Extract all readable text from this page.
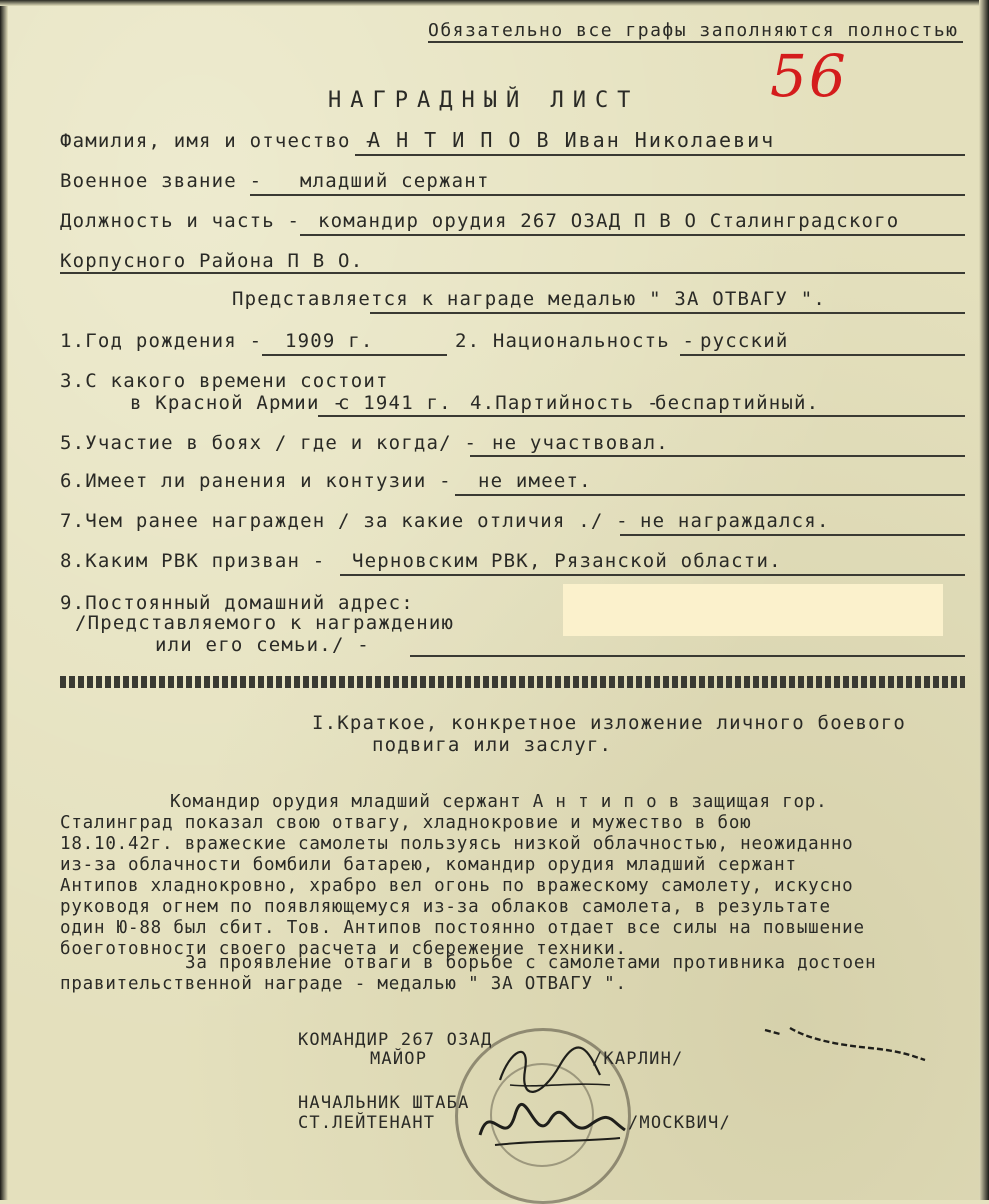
Обязательно все графы заполняются полностью
56
НАГРАДНЫЙ ЛИСТ
Фамилия, имя и отчество -
А Н Т И П О В Иван Николаевич
Военное звание - младший сержант
Должность и часть - командир орудия 267 ОЗАД П В О Сталинградского
Корпусного Района П В О.
Представляется к награде медалью " ЗА ОТВАГУ ".
1.Год рождения - 1909 г.	2. Национальность - русский
3.С какого времени состоит
в Красной Армии -
с 1941 г. 4.Партийность -
беспартийный.
5.Участие в боях / где и когда/ - не участвовал.
6.Имеет ли ранения и контузии - не имеет.
7.Чем ранее награжден / за какие отличия ./ - не награждался.
8.Каким РВК призван - Черновским РВК, Рязанской области.
9.Постоянный домашний адрес:
/Представляемого к награждению
или его семьи./ -
I.Краткое, конкретное изложение личного боевого
подвига или заслуг.
Командир орудия младший сержант А н т и п о в защищая гор.
Сталинград показал свою отвагу, хладнокровие и мужество в бою
18.10.42г. вражеские самолеты пользуясь низкой облачностью, неожиданно
из-за облачности бомбили батарею, командир орудия младший сержант
Антипов хладнокровно, храбро вел огонь по вражескому самолету, искусно
руководя огнем по появляющемуся из-за облаков самолета, в результате
один Ю-88 был сбит. Тов. Антипов постоянно отдает все силы на повышение
боеготовности своего расчета и сбережение техники.
За проявление отваги в борьбе с самолетами противника достоен
правительственной награде - медалью " ЗА ОТВАГУ ".
КОМАНДИР 267 ОЗАД
МАЙОР	/КАРЛИН/
НАЧАЛЬНИК ШТАБА
СТ.ЛЕЙТЕНАНТ	/МОСКВИЧ/
